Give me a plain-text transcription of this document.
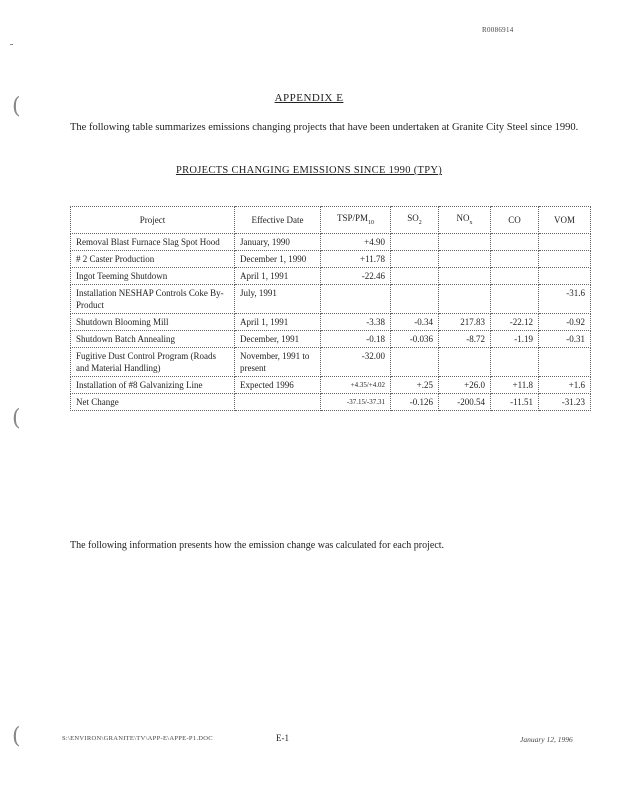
(
(
(
R0086914
APPENDIX E
The following table summarizes emissions changing projects that have been undertaken at Granite City Steel since 1990.
PROJECTS CHANGING EMISSIONS SINCE 1990 (TPY)
Project	Effective Date	TSP/$PM_{10}$	$SO_2$	$NO_x$	CO	VOM
Removal Blast Furnace Slag Spot Hood	January, 1990	+4.90				
# 2 Caster Production	December 1, 1990	+11.78				
Ingot Teeming Shutdown	April 1, 1991	-22.46				
Installation NESHAP Controls Coke By-Product	July, 1991					-31.6
Shutdown Blooming Mill	April 1, 1991	-3.38	-0.34	217.83	-22.12	-0.92
Shutdown Batch Annealing	December, 1991	-0.18	-0.036	-8.72	-1.19	-0.31
Fugitive Dust Control Program (Roads and Material Handling)	November, 1991 to present	-32.00				
Installation of #8 Galvanizing Line	Expected 1996	+4.35/+4.02	+.25	+26.0	+11.8	+1.6
Net Change		-37.15/-37.31	-0.126	-200.54	-11.51	-31.23
The following information presents how the emission change was calculated for each project.
S:\ENVIRON\GRANITE\TV\APP-E\APPE-P1.DOC	E-1	January 12, 1996
